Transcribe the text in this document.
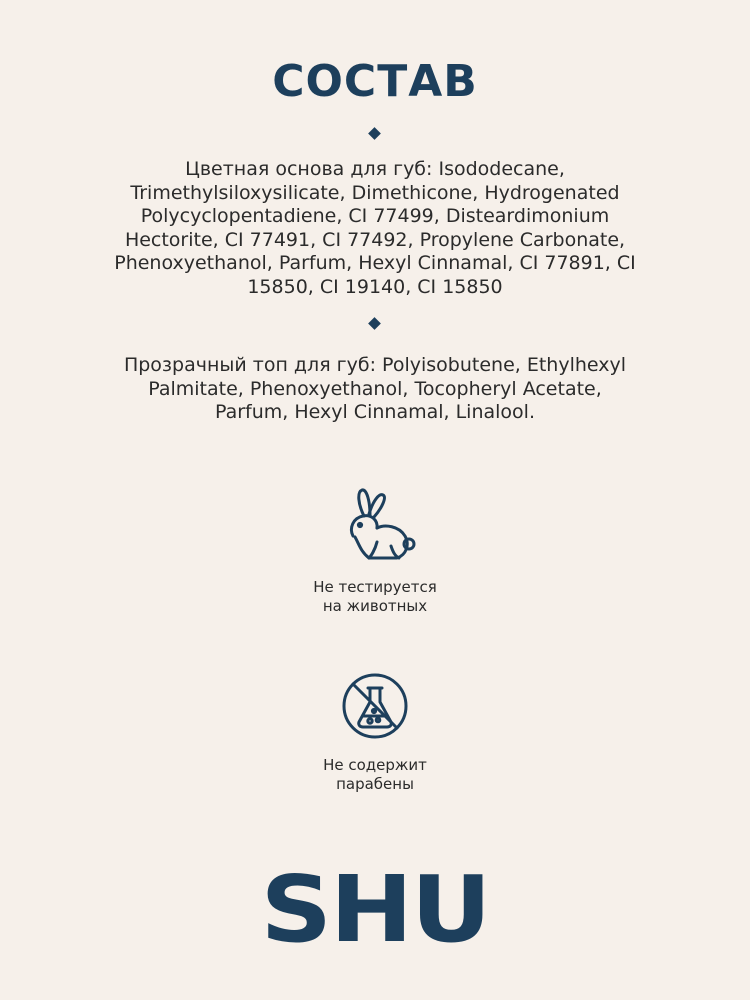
СОСТАВ

Цветная основа для губ: Isododecane,
Trimethylsiloxysilicate, Dimethicone, Hydrogenated
Polycyclopentadiene, CI 77499, Disteardimonium
Hectorite, CI 77491, CI 77492, Propylene Carbonate,
Phenoxyethanol, Parfum, Hexyl Cinnamal, CI 77891, CI
15850, CI 19140, CI 15850

Прозрачный топ для губ: Polyisobutene, Ethylhexyl
Palmitate, Phenoxyethanol, Tocopheryl Acetate,
Parfum, Hexyl Cinnamal, Linalool.

Не тестируется
на животных
Не содержит
парабены
SHU
